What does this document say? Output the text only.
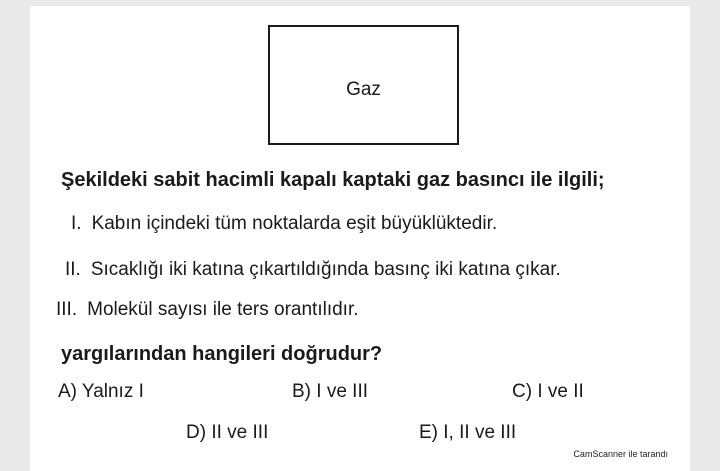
Gaz
Şekildeki sabit hacimli kapalı kaptaki gaz basıncı ile ilgili;
I. Kabın içindeki tüm noktalarda eşit büyüklüktedir.
II. Sıcaklığı iki katına çıkartıldığında basınç iki katına çıkar.
III. Molekül sayısı ile ters orantılıdır.
yargılarından hangileri doğrudur?
A) Yalnız I	B) I ve III	C) I ve II
D) II ve III	E) I, II ve III
CamScanner ile tarandı
